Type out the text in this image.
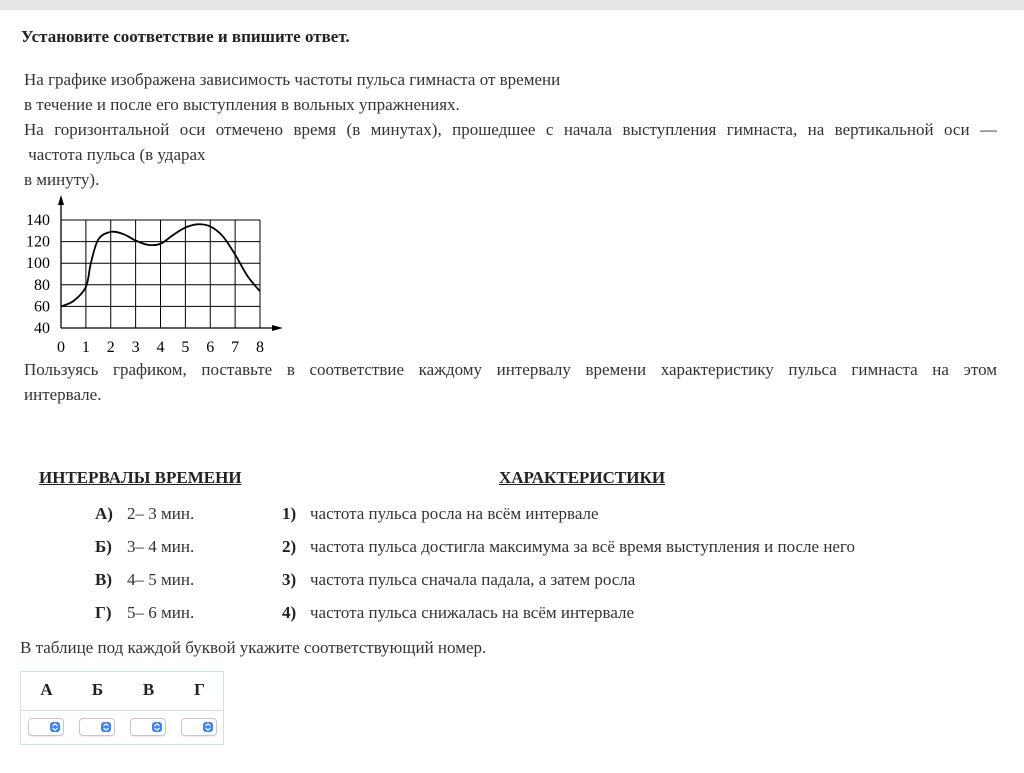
Установите соответствие и впишите ответ.
На графике изображена зависимость частоты пульса гимнаста от времени
в течение и после его выступления в вольных упражнениях.
На горизонтальной оси отмечено время (в минутах), прошедшее с начала выступления гимнаста, на вертикальной оси —
частота пульса (в ударах
в минуту).
140
120
100
80
60
40
0 1 2 3 4 5 6 7 8
Пользуясь графиком, поставьте в соответствие каждому интервалу времени характеристику пульса гимнаста на этом
интервале.
ИНТЕРВАЛЫ ВРЕМЕНИ	ХАРАКТЕРИСТИКИ
А) 2– 3 мин.
Б) 3– 4 мин.
В) 4– 5 мин.
Г) 5– 6 мин.
1) частота пульса росла на всём интервале
2) частота пульса достигла максимума за всё время выступления и после него
3) частота пульса сначала падала, а затем росла
4) частота пульса снижалась на всём интервале
В таблице под каждой буквой укажите соответствующий номер.
А	Б	В	Г
